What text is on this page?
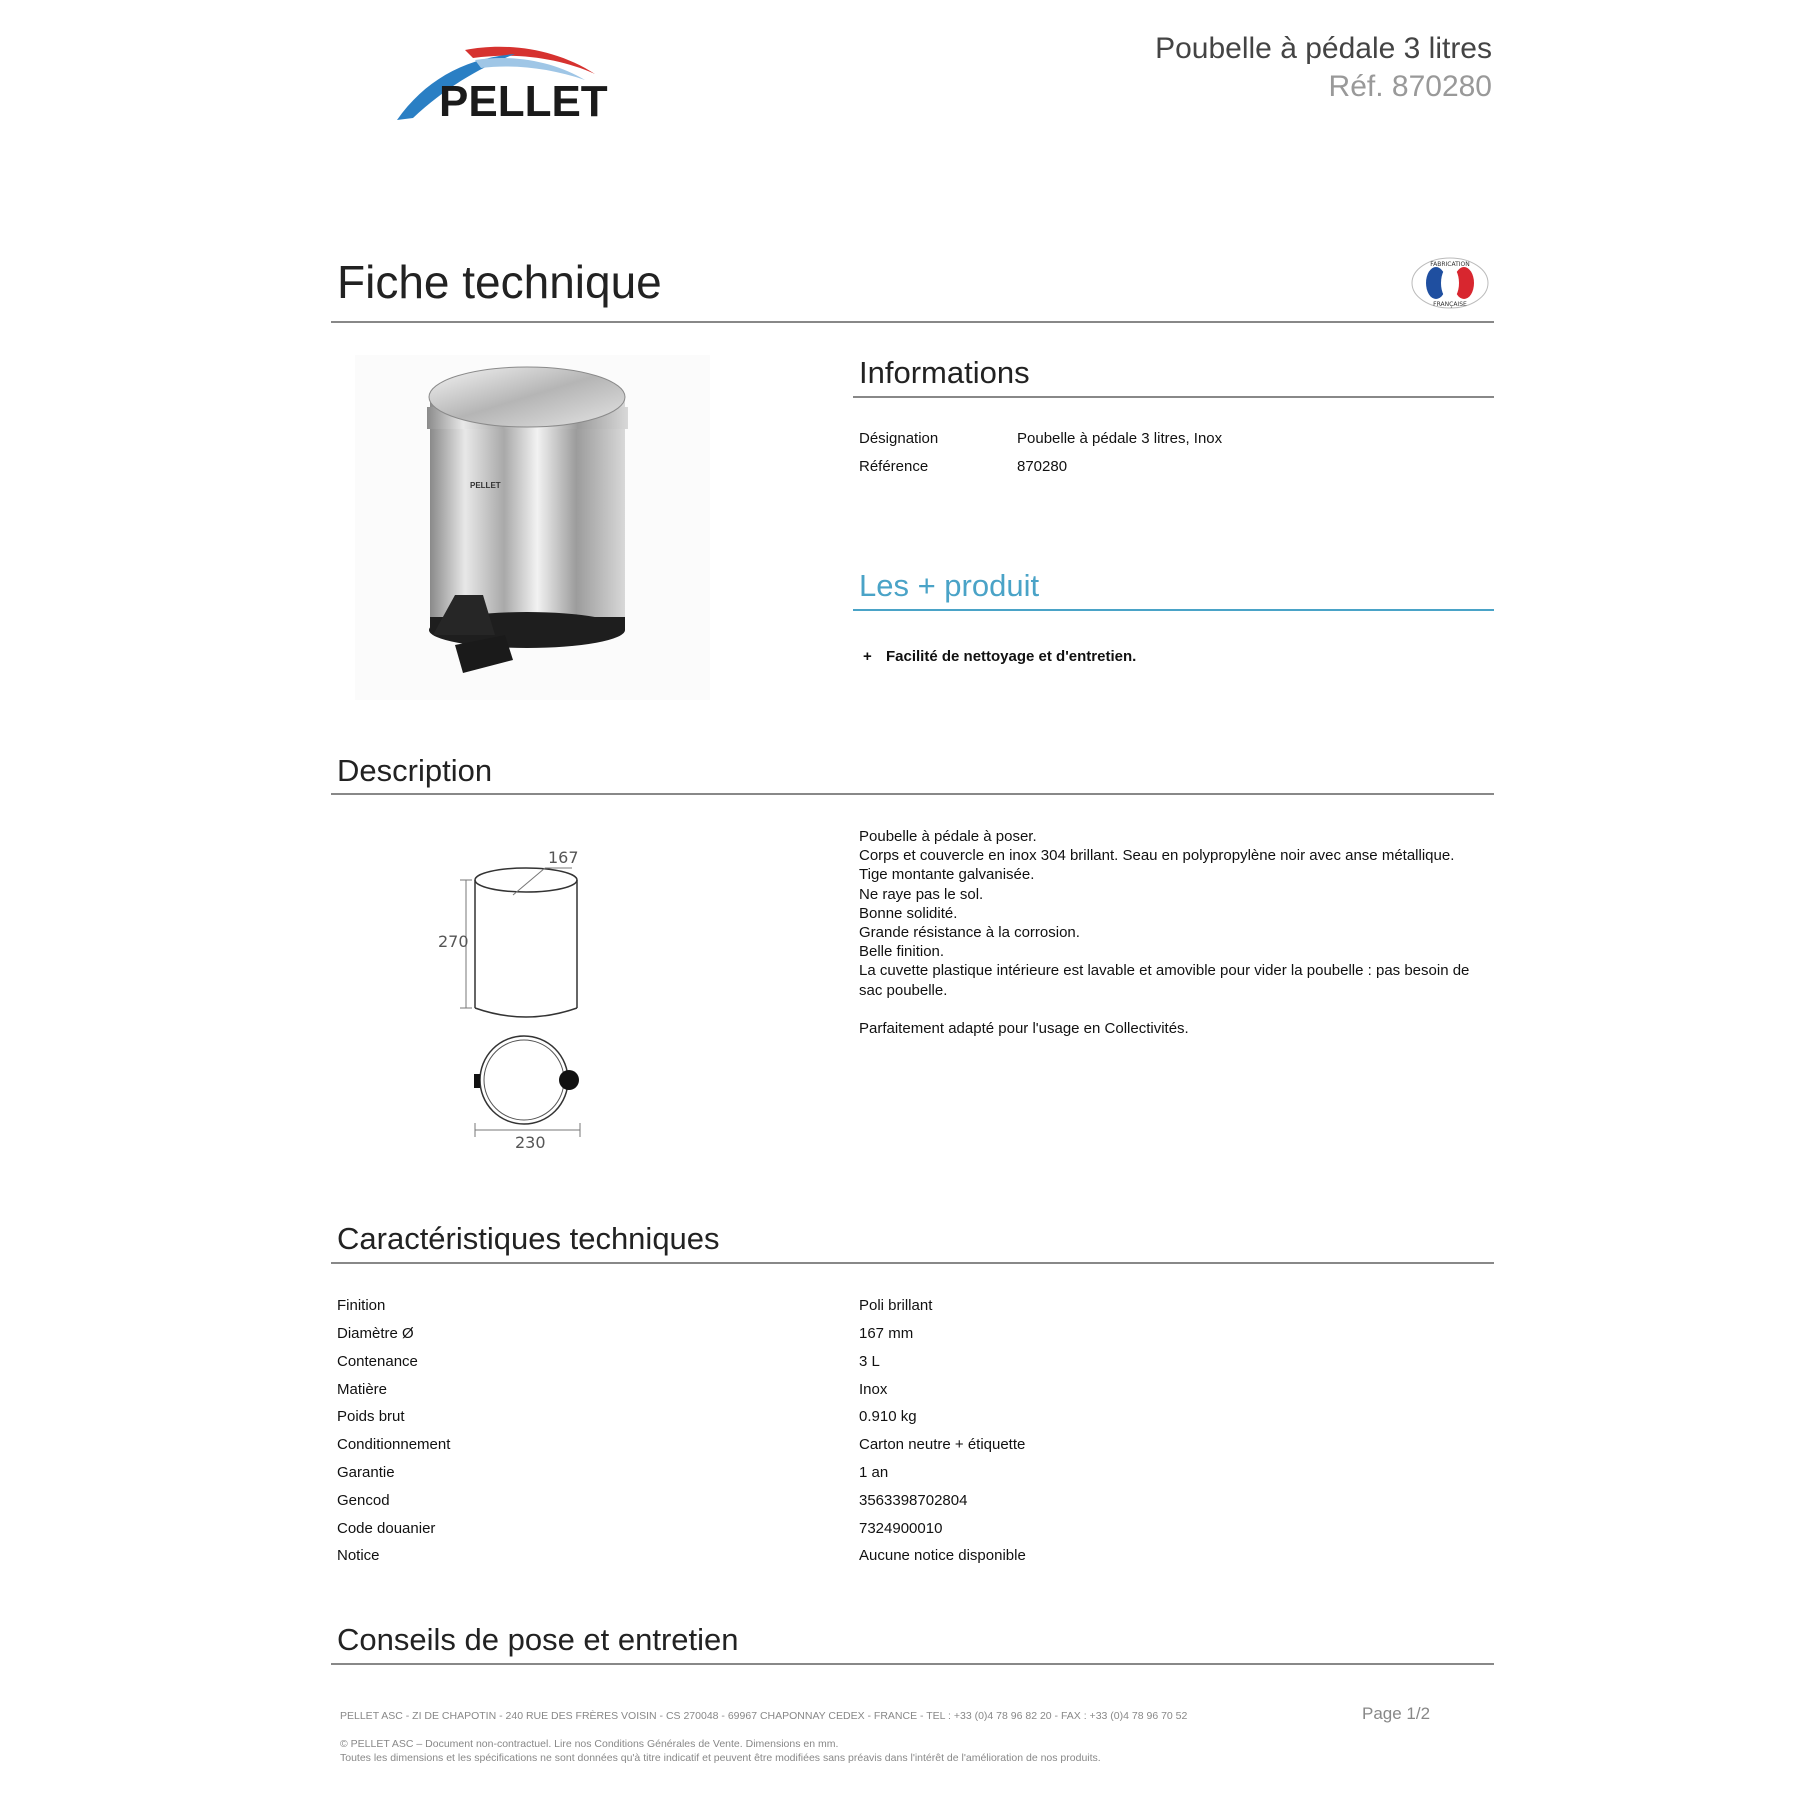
PELLET
Poubelle à pédale 3 litres
Réf. 870280
Fiche technique	FABRICATION
FRANÇAISE
PELLET
Informations
Désignation	Poubelle à pédale 3 litres, Inox
Référence	870280
Les + produit
+ Facilité de nettoyage et d'entretien.
Description
167
270
230
Poubelle à pédale à poser.
Corps et couvercle en inox 304 brillant. Seau en polypropylène noir avec anse métallique.
Tige montante galvanisée.
Ne raye pas le sol.
Bonne solidité.
Grande résistance à la corrosion.
Belle finition.
La cuvette plastique intérieure est lavable et amovible pour vider la poubelle : pas besoin de
sac poubelle.
Parfaitement adapté pour l'usage en Collectivités.
Caractéristiques techniques
Finition	Poli brillant
Diamètre Ø	167 mm
Contenance	3 L
Matière	Inox
Poids brut	0.910 kg
Conditionnement	Carton neutre + étiquette
Garantie	1 an
Gencod	3563398702804
Code douanier	7324900010
Notice	Aucune notice disponible
Conseils de pose et entretien
PELLET ASC - ZI DE CHAPOTIN - 240 RUE DES FRÈRES VOISIN - CS 270048 - 69967 CHAPONNAY CEDEX - FRANCE - TEL : +33 (0)4 78 96 82 20 - FAX : +33 (0)4 78 96 70 52	Page 1/2
© PELLET ASC – Document non-contractuel. Lire nos Conditions Générales de Vente. Dimensions en mm.
Toutes les dimensions et les spécifications ne sont données qu'à titre indicatif et peuvent être modifiées sans préavis dans l'intérêt de l'amélioration de nos produits.
